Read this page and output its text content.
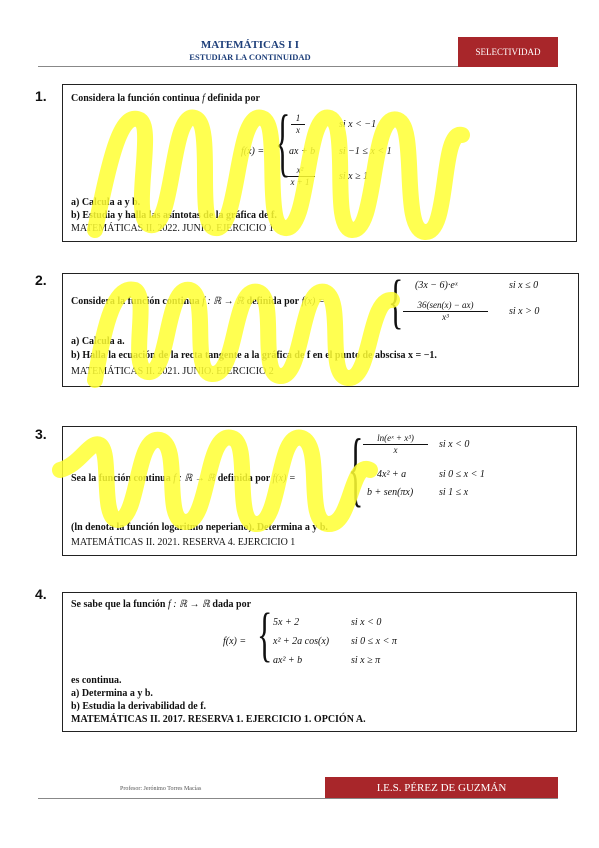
MATEMÁTICAS I I
ESTUDIAR LA CONTINUIDAD	SELECTIVIDAD
1. Considera la función continua f definida por
f(x) = { $\frac{1}{x}$	si x < −1
ax + b si −1 ≤ x < 1
$\frac{\text{x²}}{x + 1}$ si x ≥ 1
a) Calcula a y b.
b) Estudia y halla las asíntotas de la gráfica de f.
MATEMÁTICAS II. 2022. JUNIO. EJERCICIO 1
2.
Considera la función continua f : ℝ → ℝ definida por f(x) = { (3x − 6)·eˣ	si x ≤ 0
36(sen(x) − ax)
x³	si x > 0
a) Calcula a.
b) Halla la ecuación de la recta tangente a la gráfica de f en el punto de abscisa x = −1.
MATEMÁTICAS II. 2021. JUNIO. EJERCICIO 2
3.
Sea la función continua f : ℝ → ℝ definida por f(x) = { $\frac{\text{ln(eˣ + x³)}}{x}$ si x < 0
4x² + a	si 0 ≤ x < 1
b + sen(πx)	si 1 ≤ x
(ln denota la función logaritmo neperiano). Determina a y b.
MATEMÁTICAS II. 2021. RESERVA 4. EJERCICIO 1
4.
Se sabe que la función f : ℝ → ℝ dada por
f(x) = { 5x + 2	si x < 0
x² + 2a cos(x) si 0 ≤ x < π
ax² + b	si x ≥ π
es continua.
a) Determina a y b.
b) Estudia la derivabilidad de f.
MATEMÁTICAS II. 2017. RESERVA 1. EJERCICIO 1. OPCIÓN A.
Profesor: Jerónimo Torres Macías	I.E.S. PÉREZ DE GUZMÁN
